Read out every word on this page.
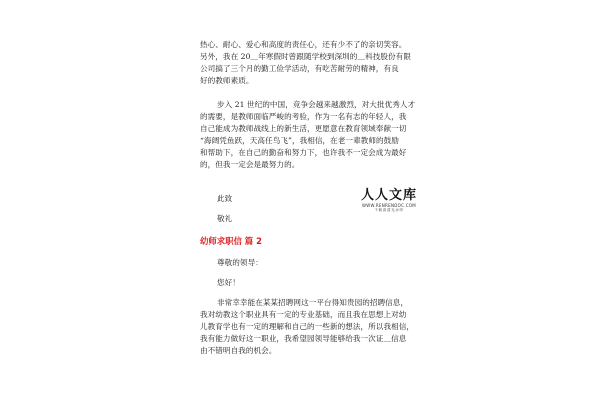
热心、耐心、爱心和高度的责任心，还有少不了的亲切笑容。
另外，我在 20＿年寒假时曾跟随学校到深圳的＿科技股份有限
公司搞了三个月的勤工俭学活动，有吃苦耐劳的精神，有良
好的教师素质。
步入 21 世纪的中国，竞争会越来越激烈，对大批优秀人才
的需要，是教师面临严峻的考验，作为一名有志的年轻人，我
自己能成为教师战线上的新生活，更愿意在教育领域奉献一切
“海阔凭鱼跃，天高任鸟飞”，我相信，在老一辈教师的鼓励
和帮助下，在自己的勤奋和努力下，也许我不一定会成为最好
的，但我一定会是最努力的。
此致
敬礼
幼师求职信 篇 2
尊敬的领导：
您好！
非常幸幸能在某某招聘网这一平台得知贵园的招聘信息，
我对幼教这个职业具有一定的专业基础，而且我在思想上对幼
儿教育学也有一定的理解和自己的一些新的想法，所以我相信，
我有能力做好这一职业，我希望园领导能够给我一次证＿信息
由不错明自我的机会。
人人文库
WWW.RENRENDOC.COM
下载高清无水印
